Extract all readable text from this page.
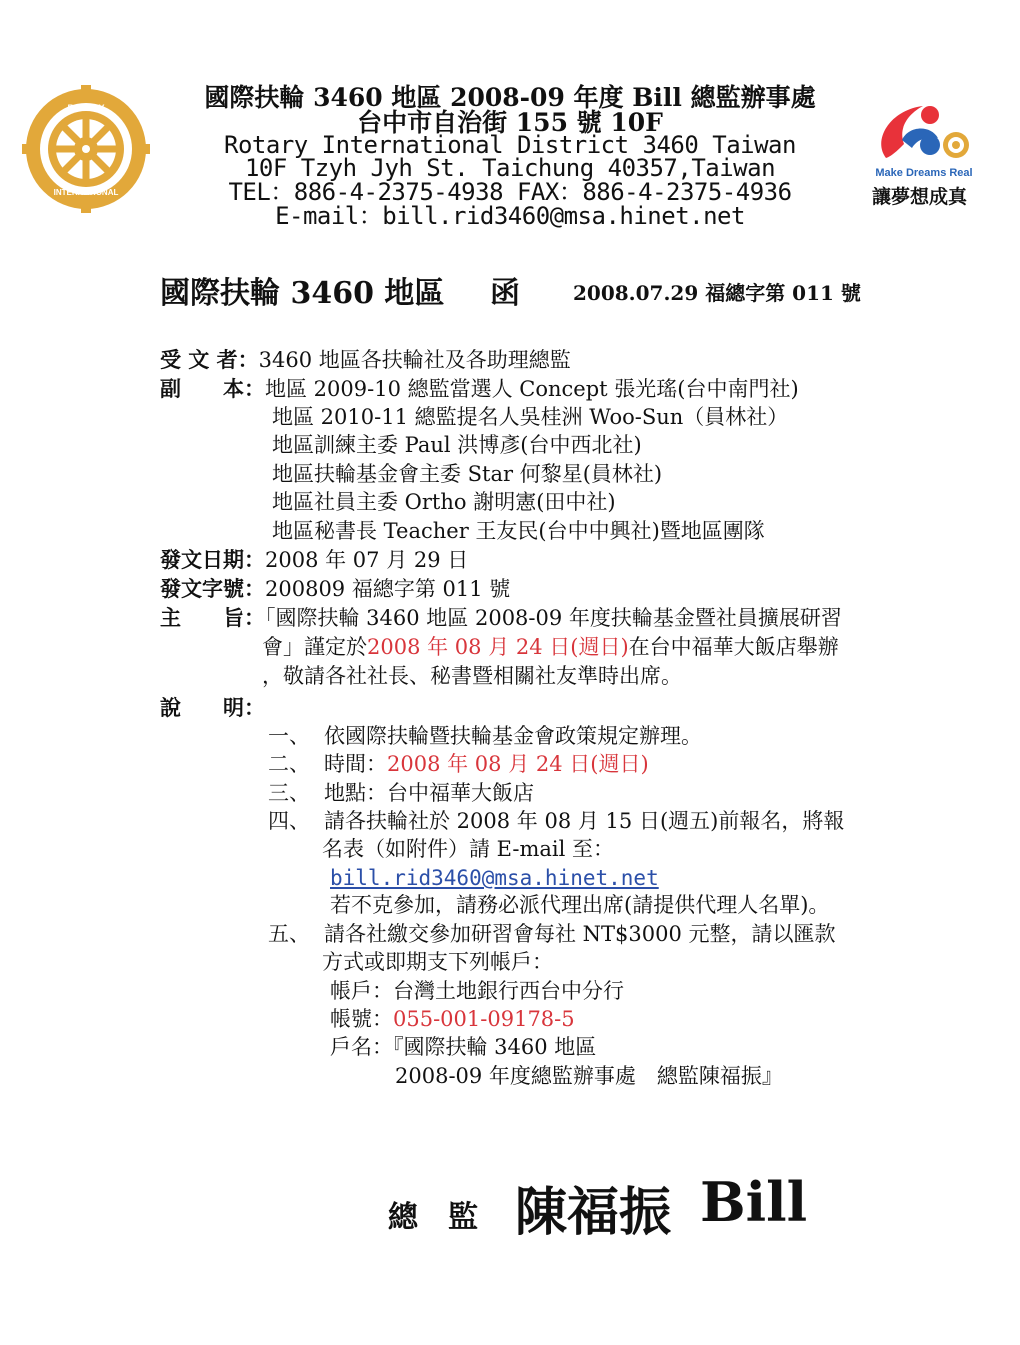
ROTARY
INTERNATIONAL
國際扶輪 3460 地區 2008-09 年度 Bill 總監辦事處
台中市自治街 155 號 10F
Rotary International District 3460 Taiwan
10F Tzyh Jyh St. Taichung 40357,Taiwan
TEL：886-4-2375-4938 FAX：886-4-2375-4936
E-mail：bill.rid3460@msa.hinet.net
Make Dreams Real
讓夢想成真
國際扶輪 3460 地區 函	2008.07.29 福總字第 011 號
受 文 者：3460 地區各扶輪社及各助理總監
副　　本：地區 2009-10 總監當選人 Concept 張光瑤(台中南門社)
地區 2010-11 總監提名人吳桂洲 Woo-Sun（員林社）
地區訓練主委 Paul 洪博彥(台中西北社)
地區扶輪基金會主委 Star 何黎星(員林社)
地區社員主委 Ortho 謝明憲(田中社)
地區秘書長 Teacher 王友民(台中中興社)暨地區團隊
發文日期：2008 年 07 月 29 日
發文字號：200809 福總字第 011 號
主　　旨：「國際扶輪 3460 地區 2008-09 年度扶輪基金暨社員擴展研習
會」謹定於2008 年 08 月 24 日(週日)在台中福華大飯店舉辦
，敬請各社社長、秘書暨相關社友準時出席。
說　　明：
一、 依國際扶輪暨扶輪基金會政策規定辦理。
二、 時間：2008 年 08 月 24 日(週日)
三、 地點：台中福華大飯店
四、 請各扶輪社於 2008 年 08 月 15 日(週五)前報名，將報
名表（如附件）請 E-mail 至：
bill.rid3460@msa.hinet.net
若不克參加，請務必派代理出席(請提供代理人名單)。
五、 請各社繳交參加研習會每社 NT$3000 元整，請以匯款
方式或即期支下列帳戶：
帳戶：台灣土地銀行西台中分行
帳號：055-001-09178-5
戶名：『國際扶輪 3460 地區
2008-09 年度總監辦事處　總監陳福振』
總　監 陳福振 Bill
